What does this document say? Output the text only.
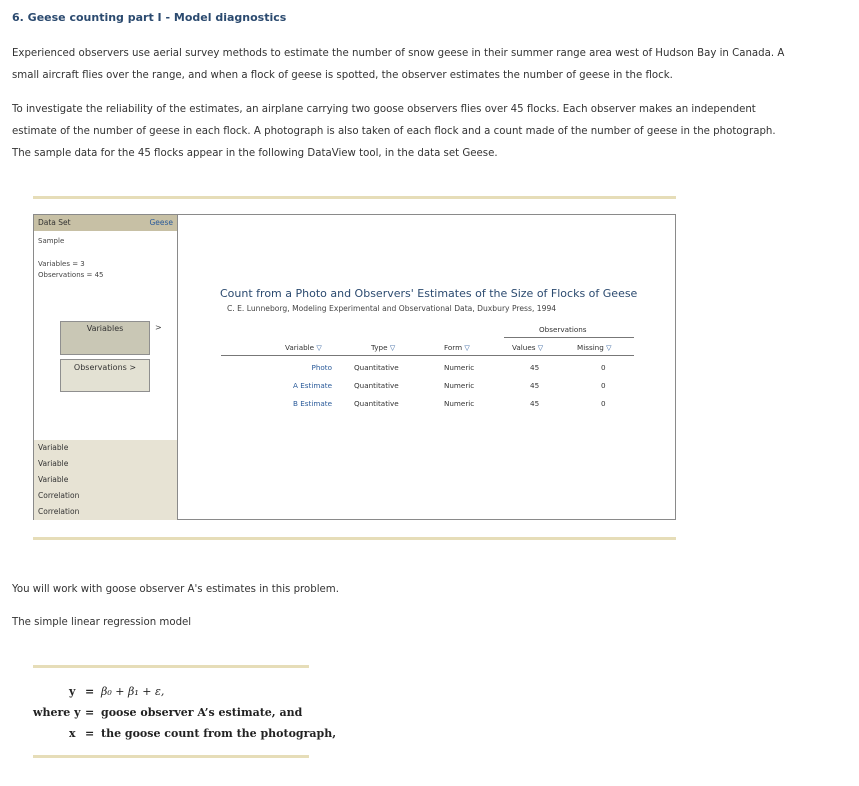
6. Geese counting part I - Model diagnostics
Experienced observers use aerial survey methods to estimate the number of snow geese in their summer range area west of Hudson Bay in Canada. A
small aircraft flies over the range, and when a flock of geese is spotted, the observer estimates the number of geese in the flock.
To investigate the reliability of the estimates, an airplane carrying two goose observers flies over 45 flocks. Each observer makes an independent
estimate of the number of geese in each flock. A photograph is also taken of each flock and a count made of the number of geese in the photograph.
The sample data for the 45 flocks appear in the following DataView tool, in the data set Geese.
Data Set	Geese
Sample
Variables = 3
Observations = 45
Variables	>
Observations >
Variable
Variable
Variable
Correlation
Correlation
Count from a Photo and Observers' Estimates of the Size of Flocks of Geese
C. E. Lunneborg, Modeling Experimental and Observational Data, Duxbury Press, 1994
Observations
Variable ▽	Type ▽	Form ▽	Values ▽	Missing ▽
Photo	Quantitative	Numeric	45	0
A Estimate	Quantitative	Numeric	45	0
B Estimate	Quantitative	Numeric	45	0
You will work with goose observer A's estimates in this problem.
The simple linear regression model
y = β₀ + β₁ + ε,
where y = goose observer A’s estimate, and
x = the goose count from the photograph,
